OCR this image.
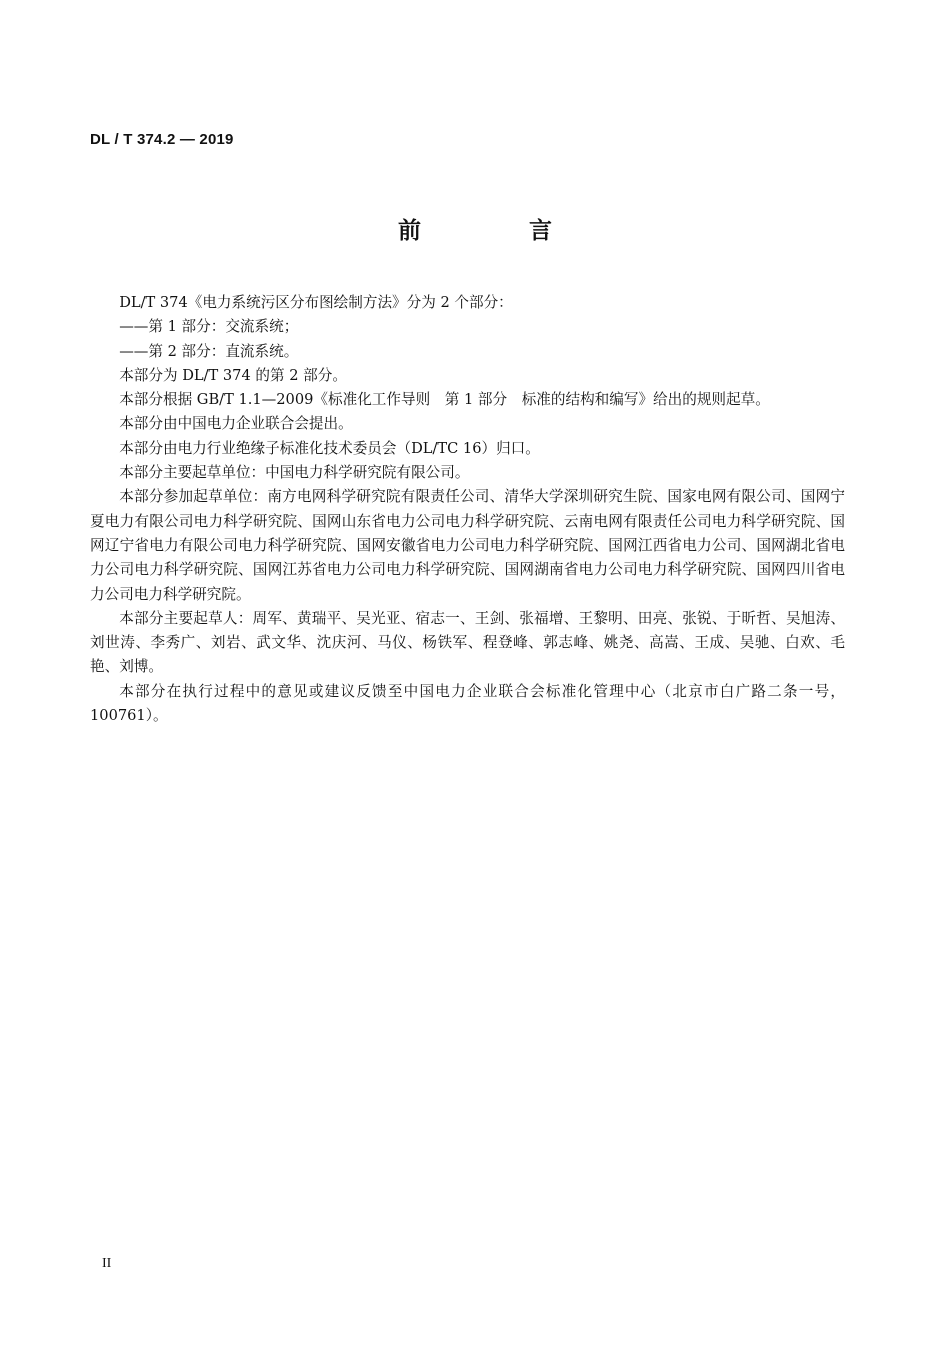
DL / T 374.2 — 2019
前 言

DL/T 374《电力系统污区分布图绘制方法》分为 2 个部分：

——第 1 部分：交流系统；

——第 2 部分：直流系统。

本部分为 DL/T 374 的第 2 部分。

本部分根据 GB/T 1.1—2009《标准化工作导则　第 1 部分　标准的结构和编写》给出的规则起草。

本部分由中国电力企业联合会提出。

本部分由电力行业绝缘子标准化技术委员会（DL/TC 16）归口。

本部分主要起草单位：中国电力科学研究院有限公司。

本部分参加起草单位：南方电网科学研究院有限责任公司、清华大学深圳研究生院、国家电网有限公司、国网宁夏电力有限公司电力科学研究院、国网山东省电力公司电力科学研究院、云南电网有限责任公司电力科学研究院、国网辽宁省电力有限公司电力科学研究院、国网安徽省电力公司电力科学研究院、国网江西省电力公司、国网湖北省电力公司电力科学研究院、国网江苏省电力公司电力科学研究院、国网湖南省电力公司电力科学研究院、国网四川省电力公司电力科学研究院。

本部分主要起草人：周军、黄瑞平、吴光亚、宿志一、王剑、张福增、王黎明、田亮、张锐、于昕哲、吴旭涛、刘世涛、李秀广、刘岩、武文华、沈庆河、马仪、杨铁军、程登峰、郭志峰、姚尧、高嵩、王成、吴驰、白欢、毛艳、刘博。

本部分在执行过程中的意见或建议反馈至中国电力企业联合会标准化管理中心（北京市白广路二条一号，100761）。

II
